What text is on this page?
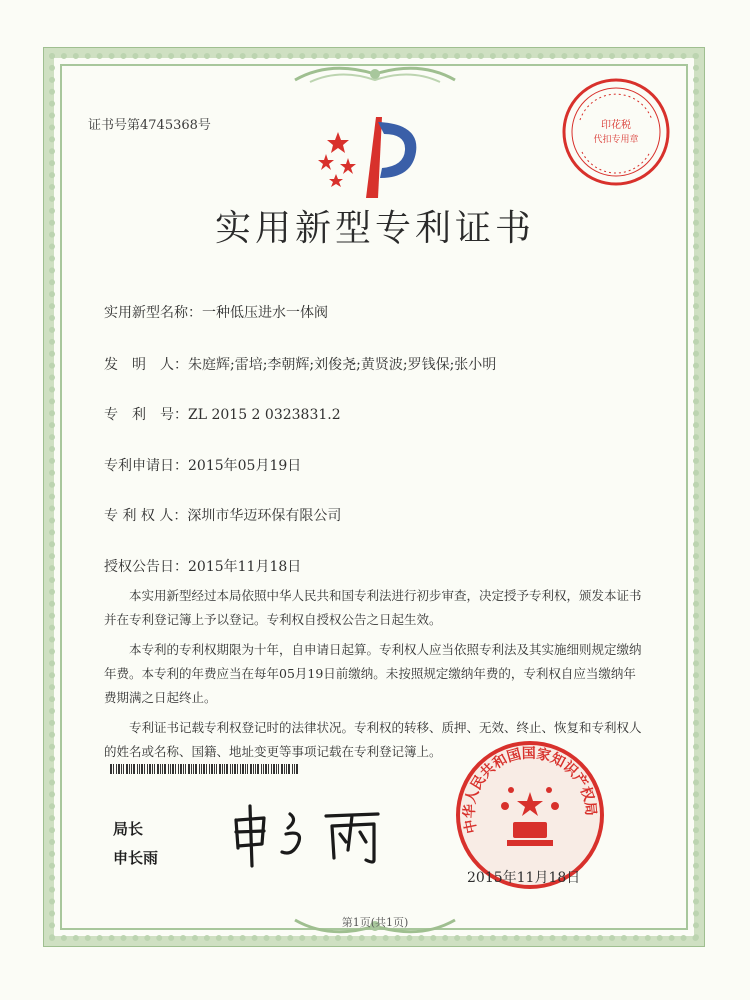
证书号第4745368号	印花税
代扣专用章
实用新型专利证书
实用新型名称：一种低压进水一体阀
发　明　人：朱庭辉;雷培;李朝辉;刘俊尧;黄贤波;罗钱保;张小明
专　利　号：ZL 2015 2 0323831.2
专利申请日：2015年05月19日
专 利 权 人：深圳市华迈环保有限公司
授权公告日：2015年11月18日

本实用新型经过本局依照中华人民共和国专利法进行初步审查，决定授予专利权，颁发本证书并在专利登记簿上予以登记。专利权自授权公告之日起生效。

本专利的专利权期限为十年，自申请日起算。专利权人应当依照专利法及其实施细则规定缴纳年费。本专利的年费应当在每年05月19日前缴纳。未按照规定缴纳年费的，专利权自应当缴纳年费期满之日起终止。

专利证书记载专利权登记时的法律状况。专利权的转移、质押、无效、终止、恢复和专利权人的姓名或名称、国籍、地址变更等事项记载在专利登记簿上。

局长
申长雨
中华人民共和国国家知识产权局
2015年11月18日
第1页(共1页)
